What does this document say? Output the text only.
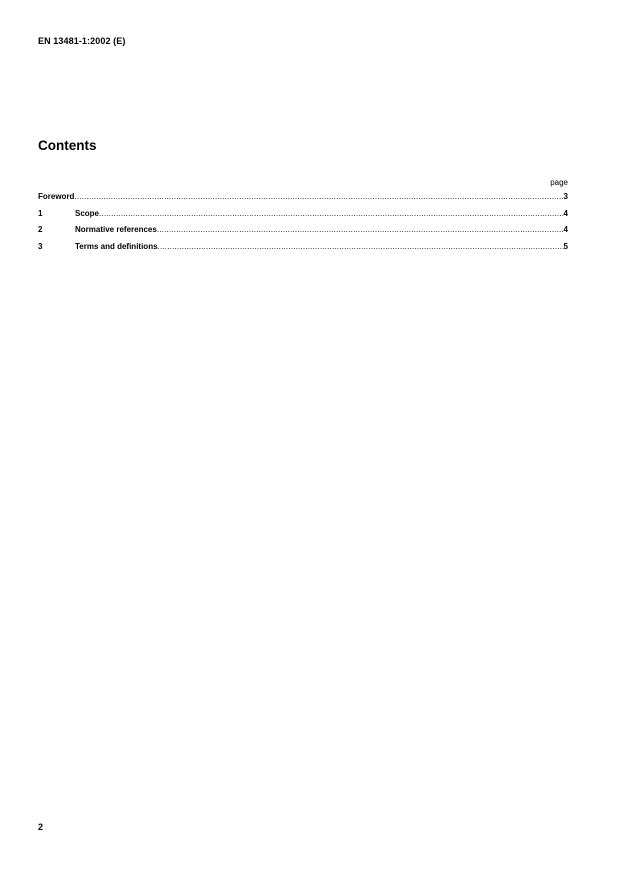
EN 13481-1:2002 (E)
Contents
page
Foreword .....	3
1	Scope .....	4
2	Normative references .....	4
3	Terms and definitions .....	5
2
